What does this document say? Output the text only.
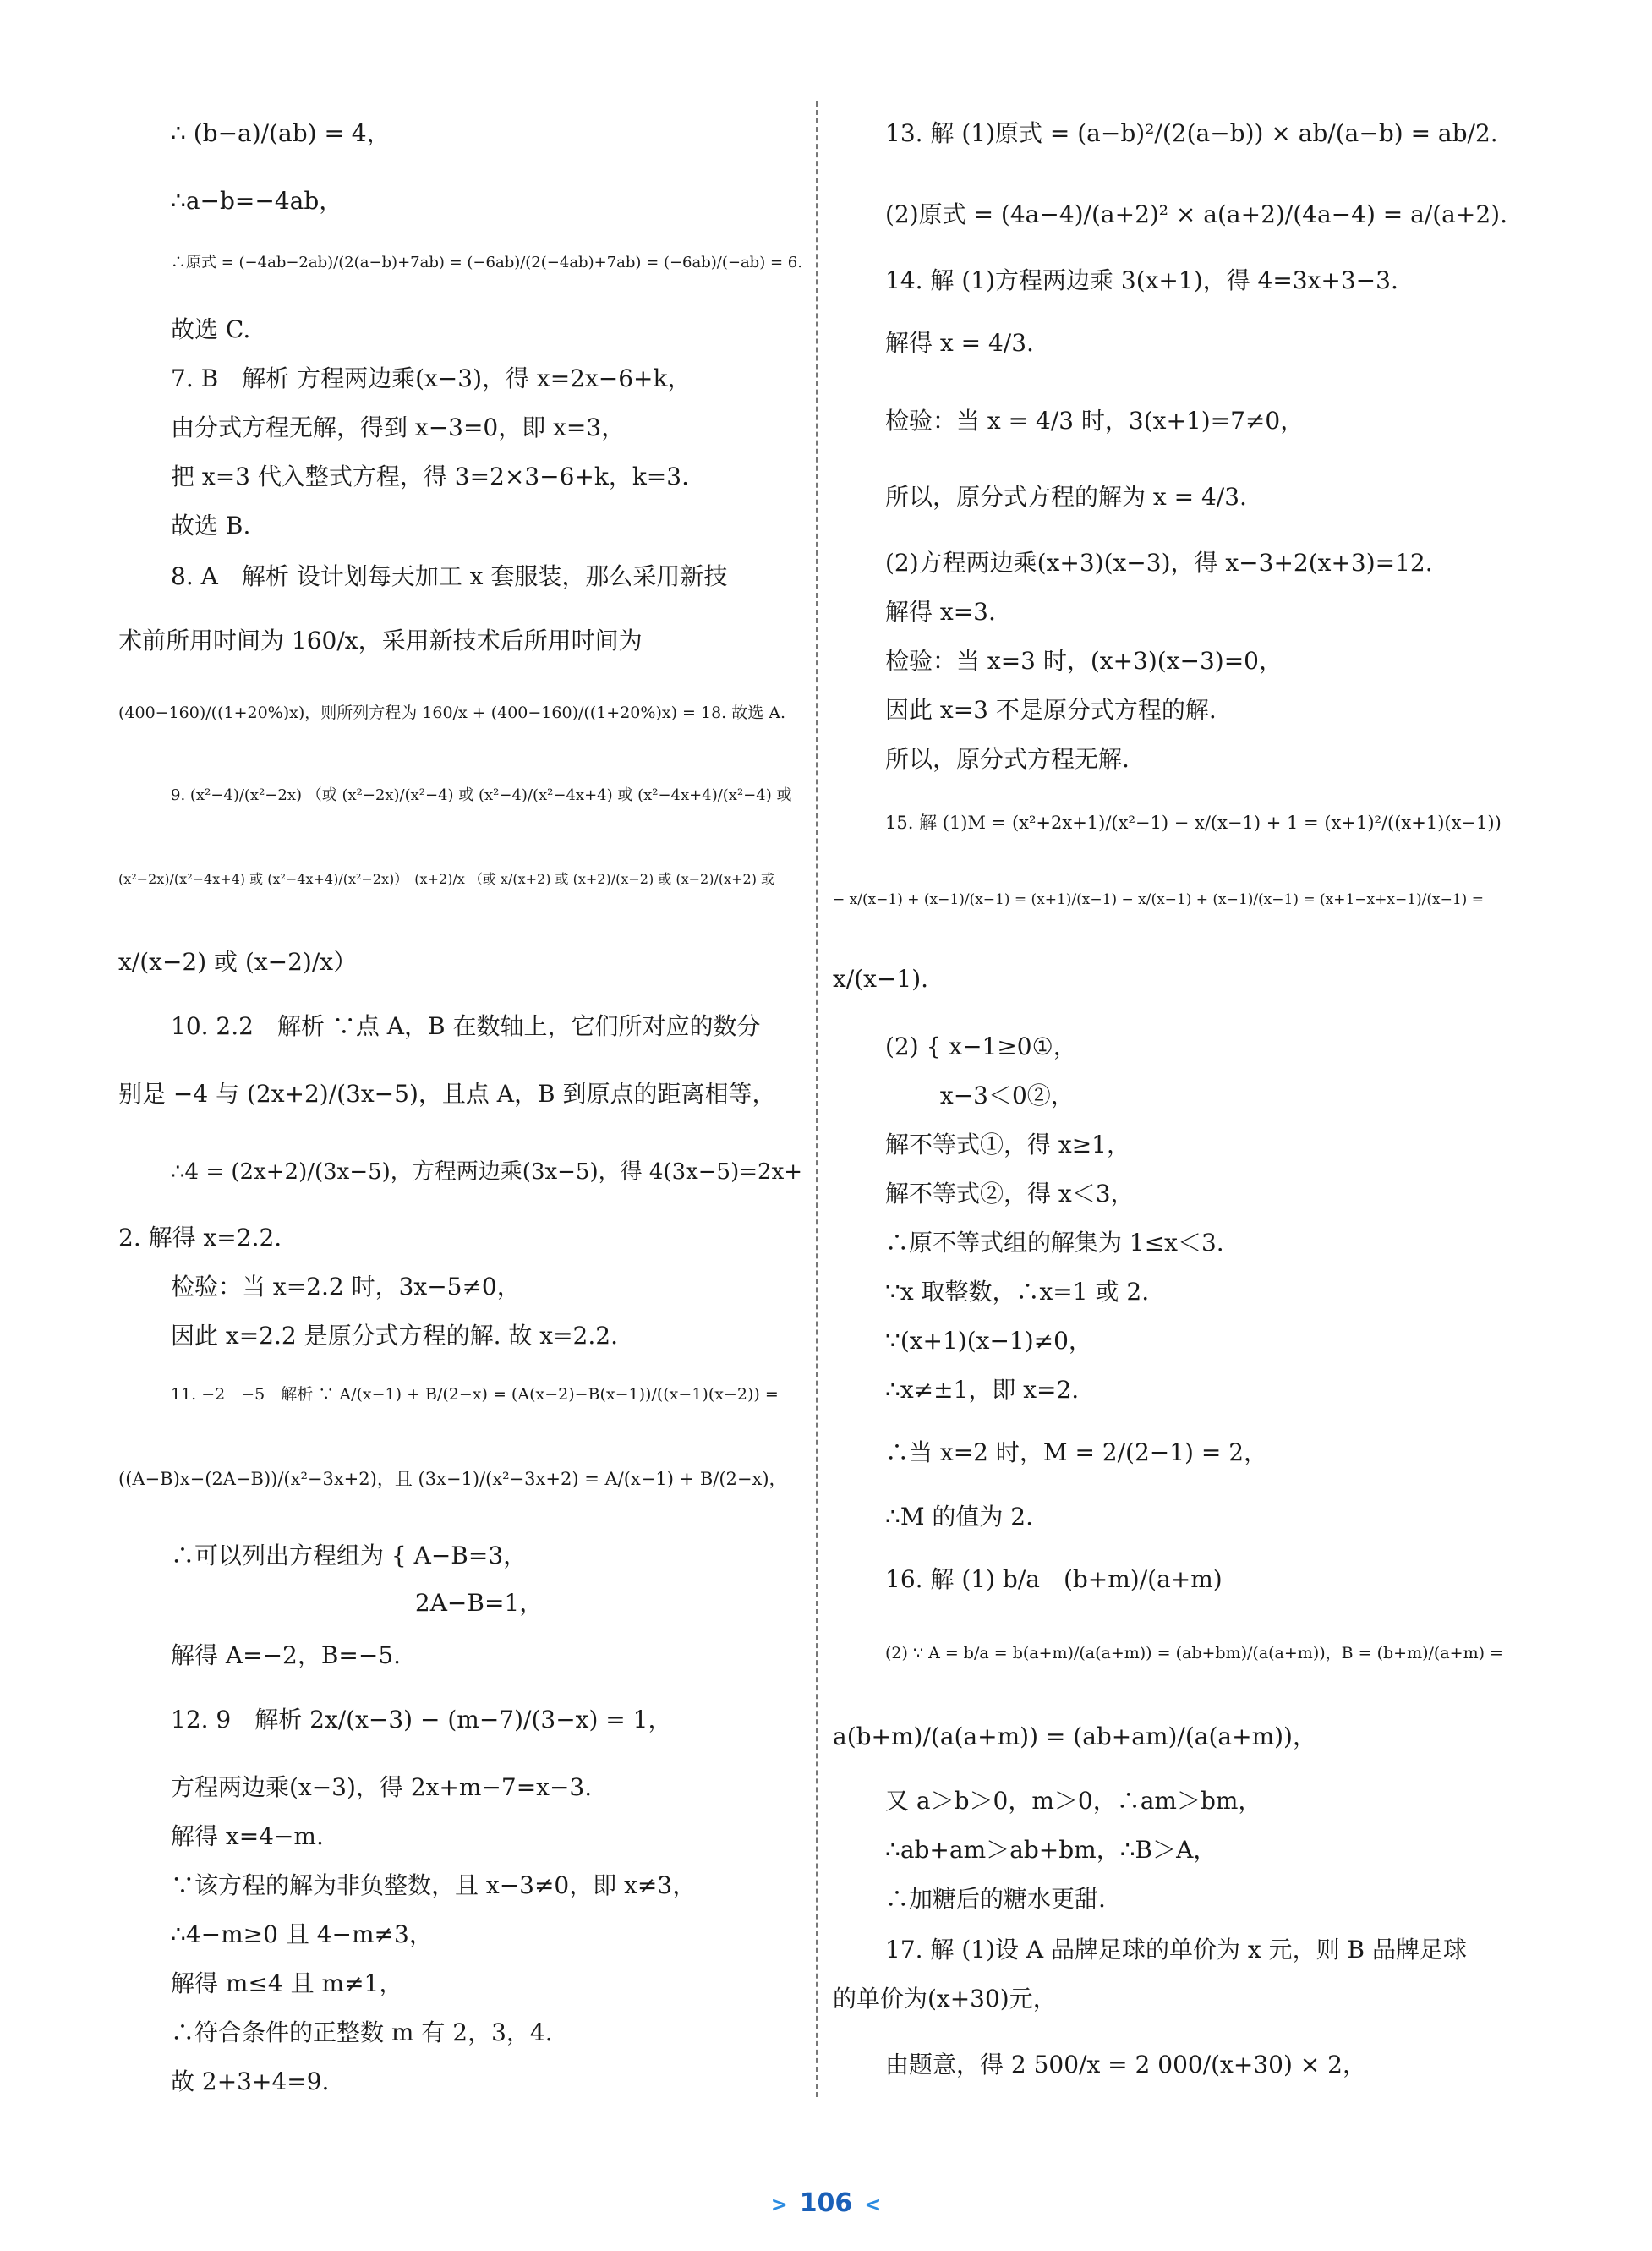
∴ (b−a)/(ab) = 4，
∴a−b=−4ab，
∴原式 = (−4ab−2ab)/(2(a−b)+7ab) = (−6ab)/(2(−4ab)+7ab) = (−6ab)/(−ab) = 6.
故选 C.
7. B　解析 方程两边乘(x−3)，得 x=2x−6+k，
由分式方程无解，得到 x−3=0，即 x=3，
把 x=3 代入整式方程，得 3=2×3−6+k，k=3.
故选 B.
8. A　解析 设计划每天加工 x 套服装，那么采用新技
术前所用时间为 160/x，采用新技术后所用时间为
(400−160)/((1+20%)x)，则所列方程为 160/x + (400−160)/((1+20%)x) = 18. 故选 A.
9. (x²−4)/(x²−2x) （或 (x²−2x)/(x²−4) 或 (x²−4)/(x²−4x+4) 或 (x²−4x+4)/(x²−4) 或
(x²−2x)/(x²−4x+4) 或 (x²−4x+4)/(x²−2x)）　(x+2)/x （或 x/(x+2) 或 (x+2)/(x−2) 或 (x−2)/(x+2) 或
x/(x−2) 或 (x−2)/x）
10. 2.2　解析 ∵点 A，B 在数轴上，它们所对应的数分
别是 −4 与 (2x+2)/(3x−5)，且点 A，B 到原点的距离相等，
∴4 = (2x+2)/(3x−5)，方程两边乘(3x−5)，得 4(3x−5)=2x+
2. 解得 x=2.2.
检验：当 x=2.2 时，3x−5≠0，
因此 x=2.2 是原分式方程的解. 故 x=2.2.
11. −2　−5　解析 ∵ A/(x−1) + B/(2−x) = (A(x−2)−B(x−1))/((x−1)(x−2)) =
((A−B)x−(2A−B))/(x²−3x+2)，且 (3x−1)/(x²−3x+2) = A/(x−1) + B/(2−x)，
∴可以列出方程组为 { A−B=3，
　　　　　　　　　　 2A−B=1，
解得 A=−2，B=−5.
12. 9　解析 2x/(x−3) − (m−7)/(3−x) = 1，
方程两边乘(x−3)，得 2x+m−7=x−3.
解得 x=4−m.
∵该方程的解为非负整数，且 x−3≠0，即 x≠3，
∴4−m≥0 且 4−m≠3，
解得 m≤4 且 m≠1，
∴符合条件的正整数 m 有 2，3，4.
故 2+3+4=9.
13. 解 (1)原式 = (a−b)²/(2(a−b)) × ab/(a−b) = ab/2.
(2)原式 = (4a−4)/(a+2)² × a(a+2)/(4a−4) = a/(a+2).
14. 解 (1)方程两边乘 3(x+1)，得 4=3x+3−3.
解得 x = 4/3.
检验：当 x = 4/3 时，3(x+1)=7≠0，
所以，原分式方程的解为 x = 4/3.
(2)方程两边乘(x+3)(x−3)，得 x−3+2(x+3)=12.
解得 x=3.
检验：当 x=3 时，(x+3)(x−3)=0，
因此 x=3 不是原分式方程的解.
所以，原分式方程无解.
15. 解 (1)M = (x²+2x+1)/(x²−1) − x/(x−1) + 1 = (x+1)²/((x+1)(x−1))
− x/(x−1) + (x−1)/(x−1) = (x+1)/(x−1) − x/(x−1) + (x−1)/(x−1) = (x+1−x+x−1)/(x−1) =
x/(x−1).
(2) { x−1≥0①，
　　 x−3＜0②，
解不等式①，得 x≥1，
解不等式②，得 x＜3，
∴原不等式组的解集为 1≤x＜3.
∵x 取整数，∴x=1 或 2.
∵(x+1)(x−1)≠0，
∴x≠±1，即 x=2.
∴当 x=2 时，M = 2/(2−1) = 2，
∴M 的值为 2.
16. 解 (1) b/a　(b+m)/(a+m)
(2) ∵ A = b/a = b(a+m)/(a(a+m)) = (ab+bm)/(a(a+m))，B = (b+m)/(a+m) =
a(b+m)/(a(a+m)) = (ab+am)/(a(a+m))，
又 a＞b＞0，m＞0，∴am＞bm，
∴ab+am＞ab+bm，∴B＞A，
∴加糖后的糖水更甜.
17. 解 (1)设 A 品牌足球的单价为 x 元，则 B 品牌足球
的单价为(x+30)元，
由题意，得 2 500/x = 2 000/(x+30) × 2，
> 106 <
